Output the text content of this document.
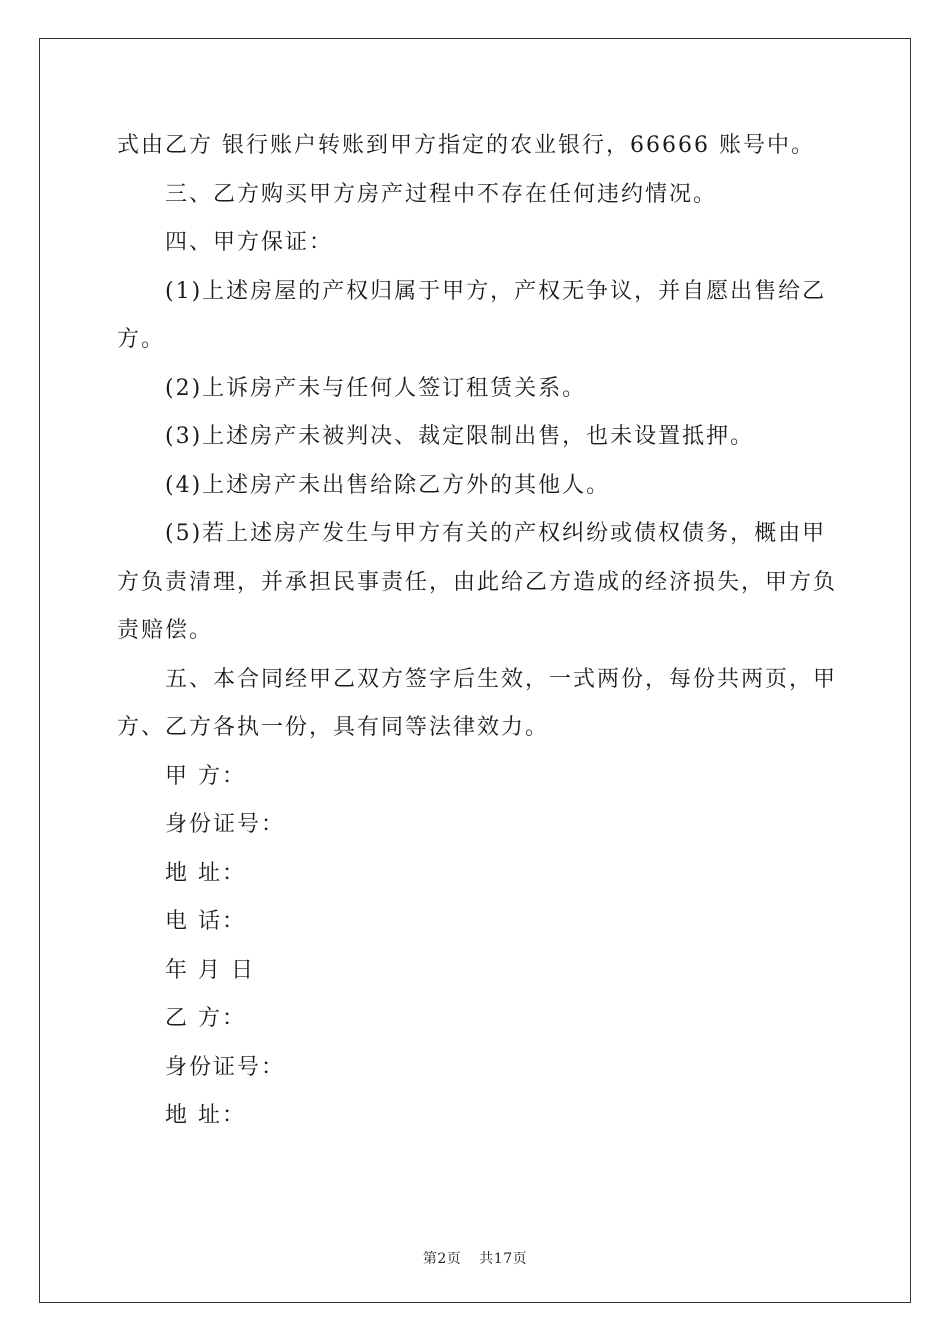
式由乙方 银行账户转账到甲方指定的农业银行，66666 账号中。

三、乙方购买甲方房产过程中不存在任何违约情况。

四、甲方保证：

(1)上述房屋的产权归属于甲方，产权无争议，并自愿出售给乙方。

(2)上诉房产未与任何人签订租赁关系。

(3)上述房产未被判决、裁定限制出售，也未设置抵押。

(4)上述房产未出售给除乙方外的其他人。

(5)若上述房产发生与甲方有关的产权纠纷或债权债务，概由甲方负责清理，并承担民事责任，由此给乙方造成的经济损失，甲方负责赔偿。

五、本合同经甲乙双方签字后生效，一式两份，每份共两页，甲方、乙方各执一份，具有同等法律效力。

甲 方：

身份证号：

地 址：

电 话：

年 月 日

乙 方：

身份证号：

地 址：

第2页 共17页
